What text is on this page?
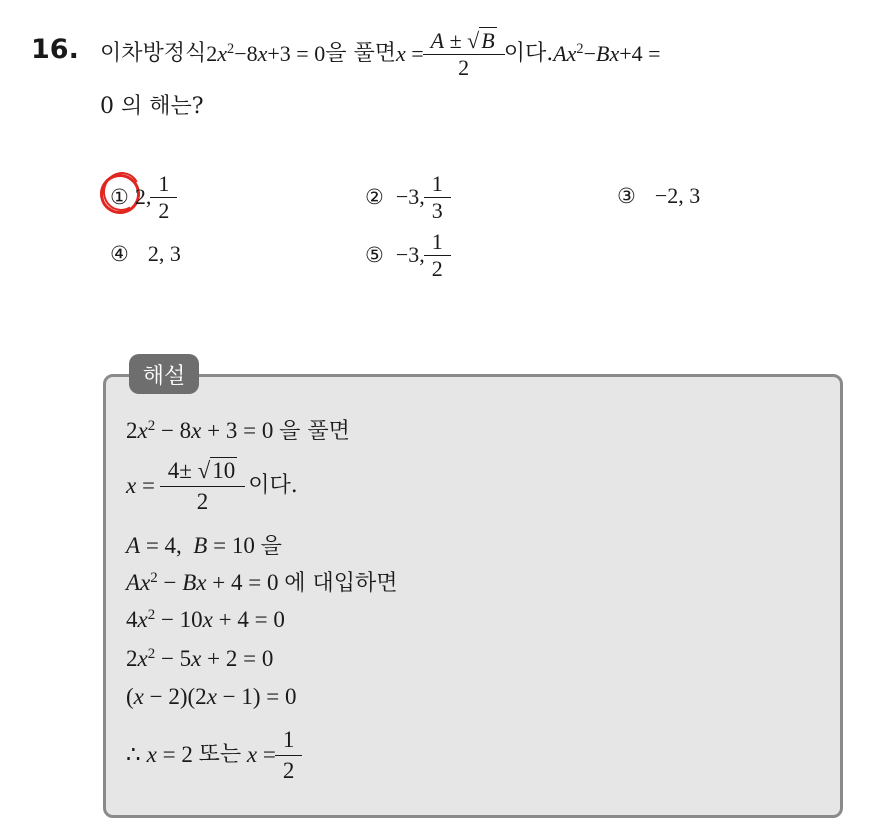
16. 이차방정식 $2x^2-8x+3 = 0$ 을 풀면 $x = \frac{A \pm √B}{2}$ 이다. $Ax^2-Bx+4$ =
0 의 해는?
① 2, $\frac{1}{2}$	② −3, $\frac{1}{3}$	③ −2, 3
④ 2, 3	⑤ −3, $\frac{1}{2}$
해설
$2x^2 - 8x + 3 = 0$ 을 풀면
$x = \frac{4\pm √10}{2}$ 이다.
A = 4,  B = 10 을
$Ax^2 - Bx + 4 = 0$ 에 대입하면
$4x^2 - 10x + 4 = 0$
$2x^2 - 5x + 2 = 0$
(x − 2)(2x − 1) = 0
∴ x = 2 또는
$x = \frac{1}{2}$
